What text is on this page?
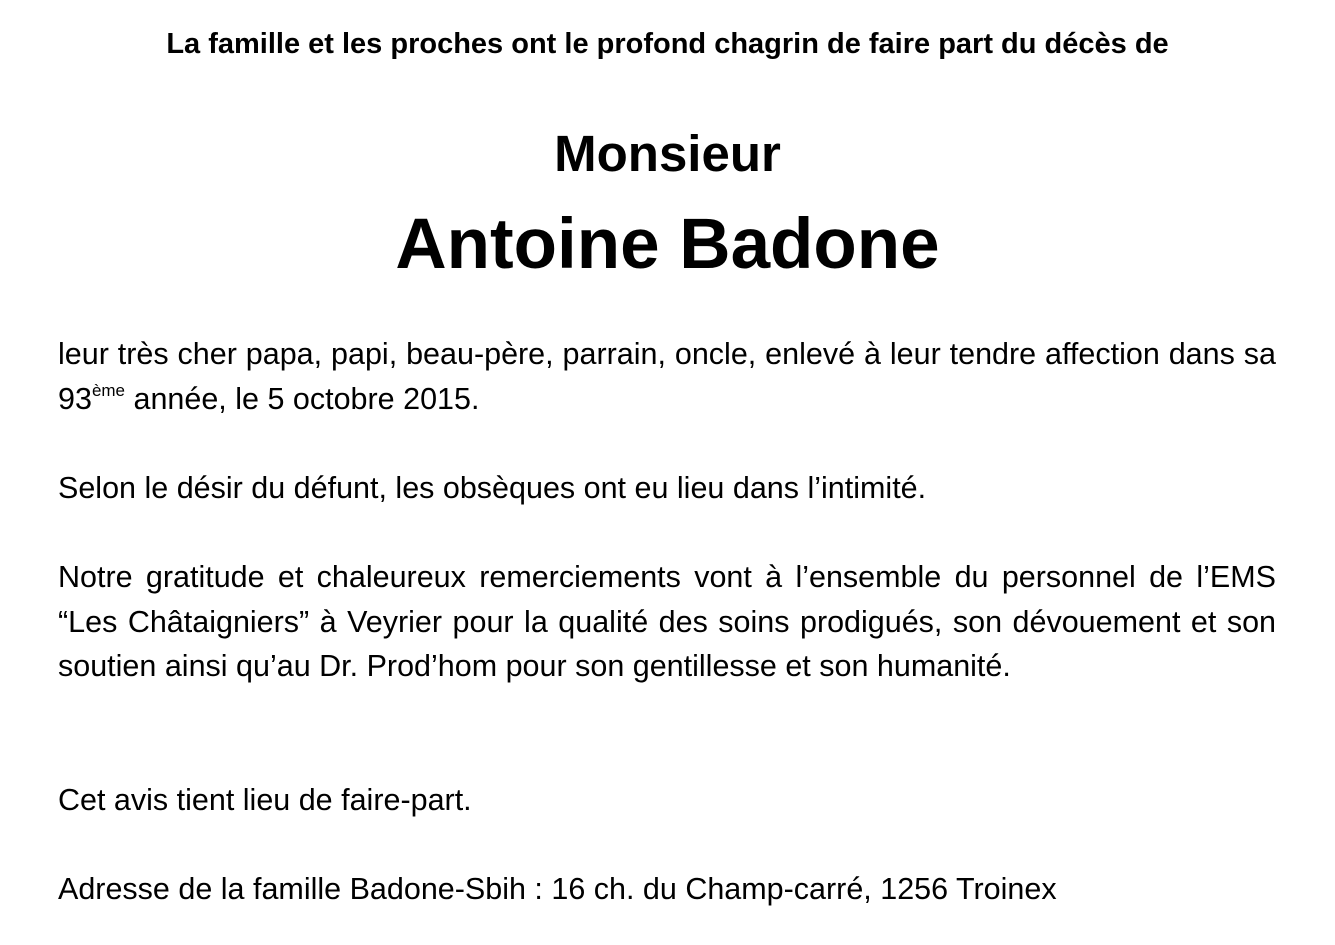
La famille et les proches ont le profond chagrin de faire part du décès de
Monsieur
Antoine Badone
leur très cher papa, papi, beau-père, parrain, oncle, enlevé à leur tendre affection dans sa 93ème année, le 5 octobre 2015.
Selon le désir du défunt, les obsèques ont eu lieu dans l’intimité.
Notre gratitude et chaleureux remerciements vont à l’ensemble du personnel de l’EMS “Les Châtaigniers” à Veyrier pour la qualité des soins prodigués, son dévouement et son soutien ainsi qu’au Dr. Prod’hom pour son gentillesse et son humanité.
Cet avis tient lieu de faire-part.
Adresse de la famille Badone-Sbih : 16 ch. du Champ-carré, 1256 Troinex
